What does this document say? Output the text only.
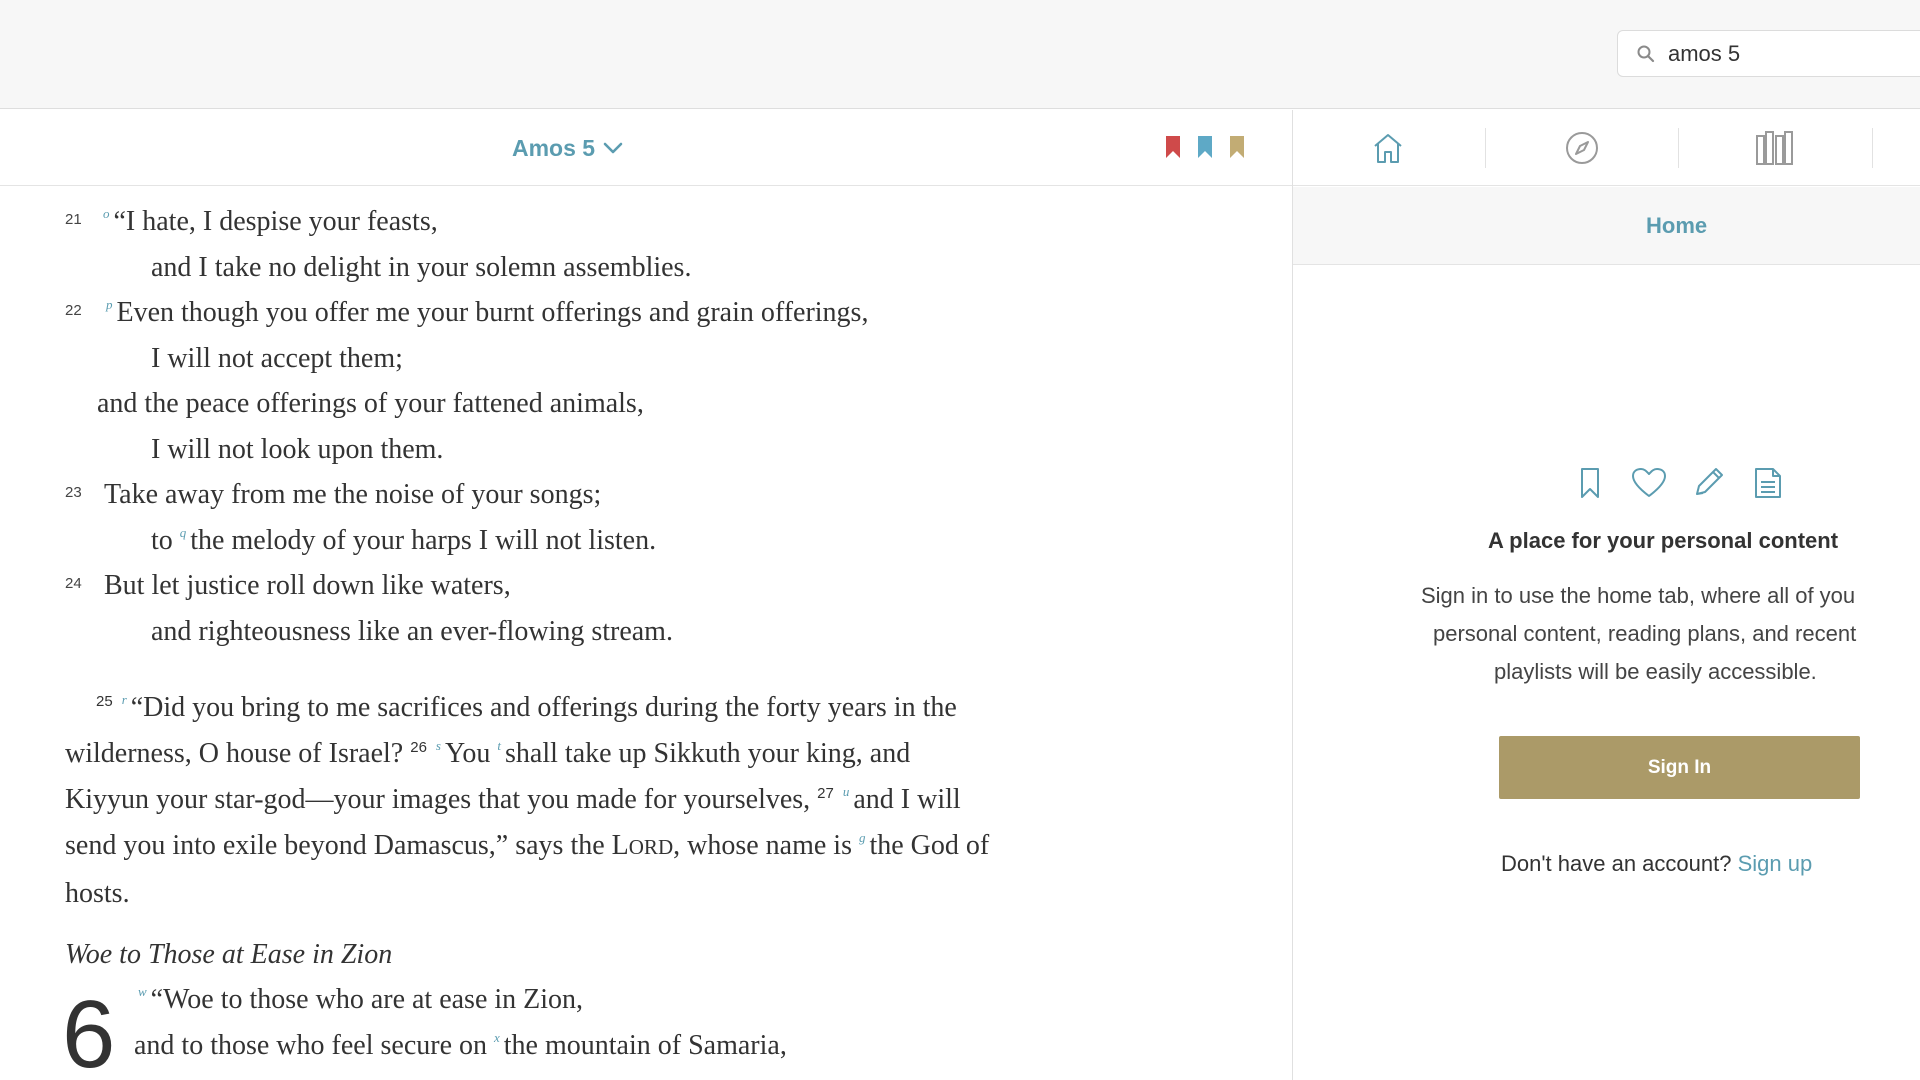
amos 5
Amos 5
Home
A place for your personal content
Sign in to use the home tab, where all of you
personal content, reading plans, and recent
playlists will be easily accessible.
Sign In
Don't have an account? Sign up
21 $^o$ “I hate, I despise your feasts,
and I take no delight in your solemn assemblies.
22 $^p$ Even though you offer me your burnt offerings and grain offerings,
I will not accept them;
and the peace offerings of your fattened animals,
I will not look upon them.
23 Take away from me the noise of your songs;
to $^q$ the melody of your harps I will not listen.
24 But let justice roll down like waters,
and righteousness like an ever-flowing stream.
$^{25}$ $^r$ “Did you bring to me sacrifices and offerings during the forty years in the
wilderness, O house of Israel? $^{26}$ $^s$ You $^t$ shall take up Sikkuth your king, and
Kiyyun your star-god—your images that you made for yourselves, $^{27}$ $^u$ and I will
send you into exile beyond Damascus,” says the LORD, whose name is $^g$ the God of
hosts.
Woe to Those at Ease in Zion
6 $^w$ “Woe to those who are at ease in Zion,
and to those who feel secure on $^x$ the mountain of Samaria,
